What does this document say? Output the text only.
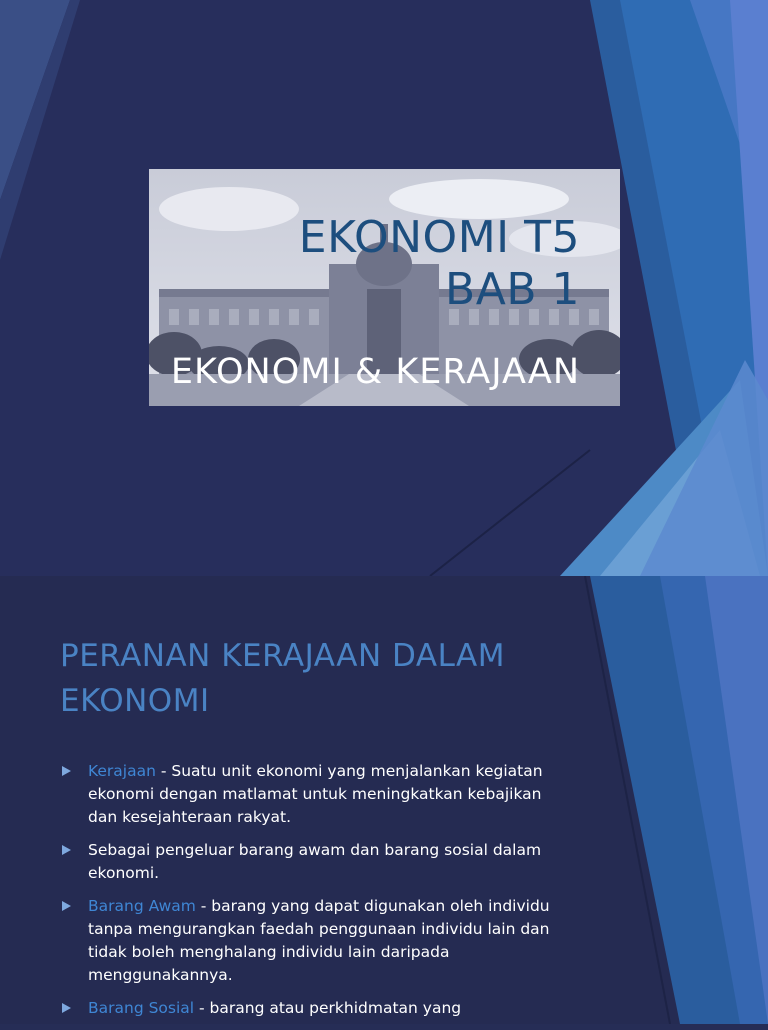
EKONOMI T5
BAB 1
EKONOMI & KERAJAAN
PERANAN KERAJAAN DALAM
EKONOMI
Kerajaan - Suatu unit ekonomi yang menjalankan kegiatan ekonomi dengan matlamat untuk meningkatkan kebajikan dan kesejahteraan rakyat.
Sebagai pengeluar barang awam dan barang sosial dalam ekonomi.
Barang Awam - barang yang dapat digunakan oleh individu tanpa mengurangkan faedah penggunaan individu lain dan tidak boleh menghalang individu lain daripada menggunakannya.
Barang Sosial - barang atau perkhidmatan yang
